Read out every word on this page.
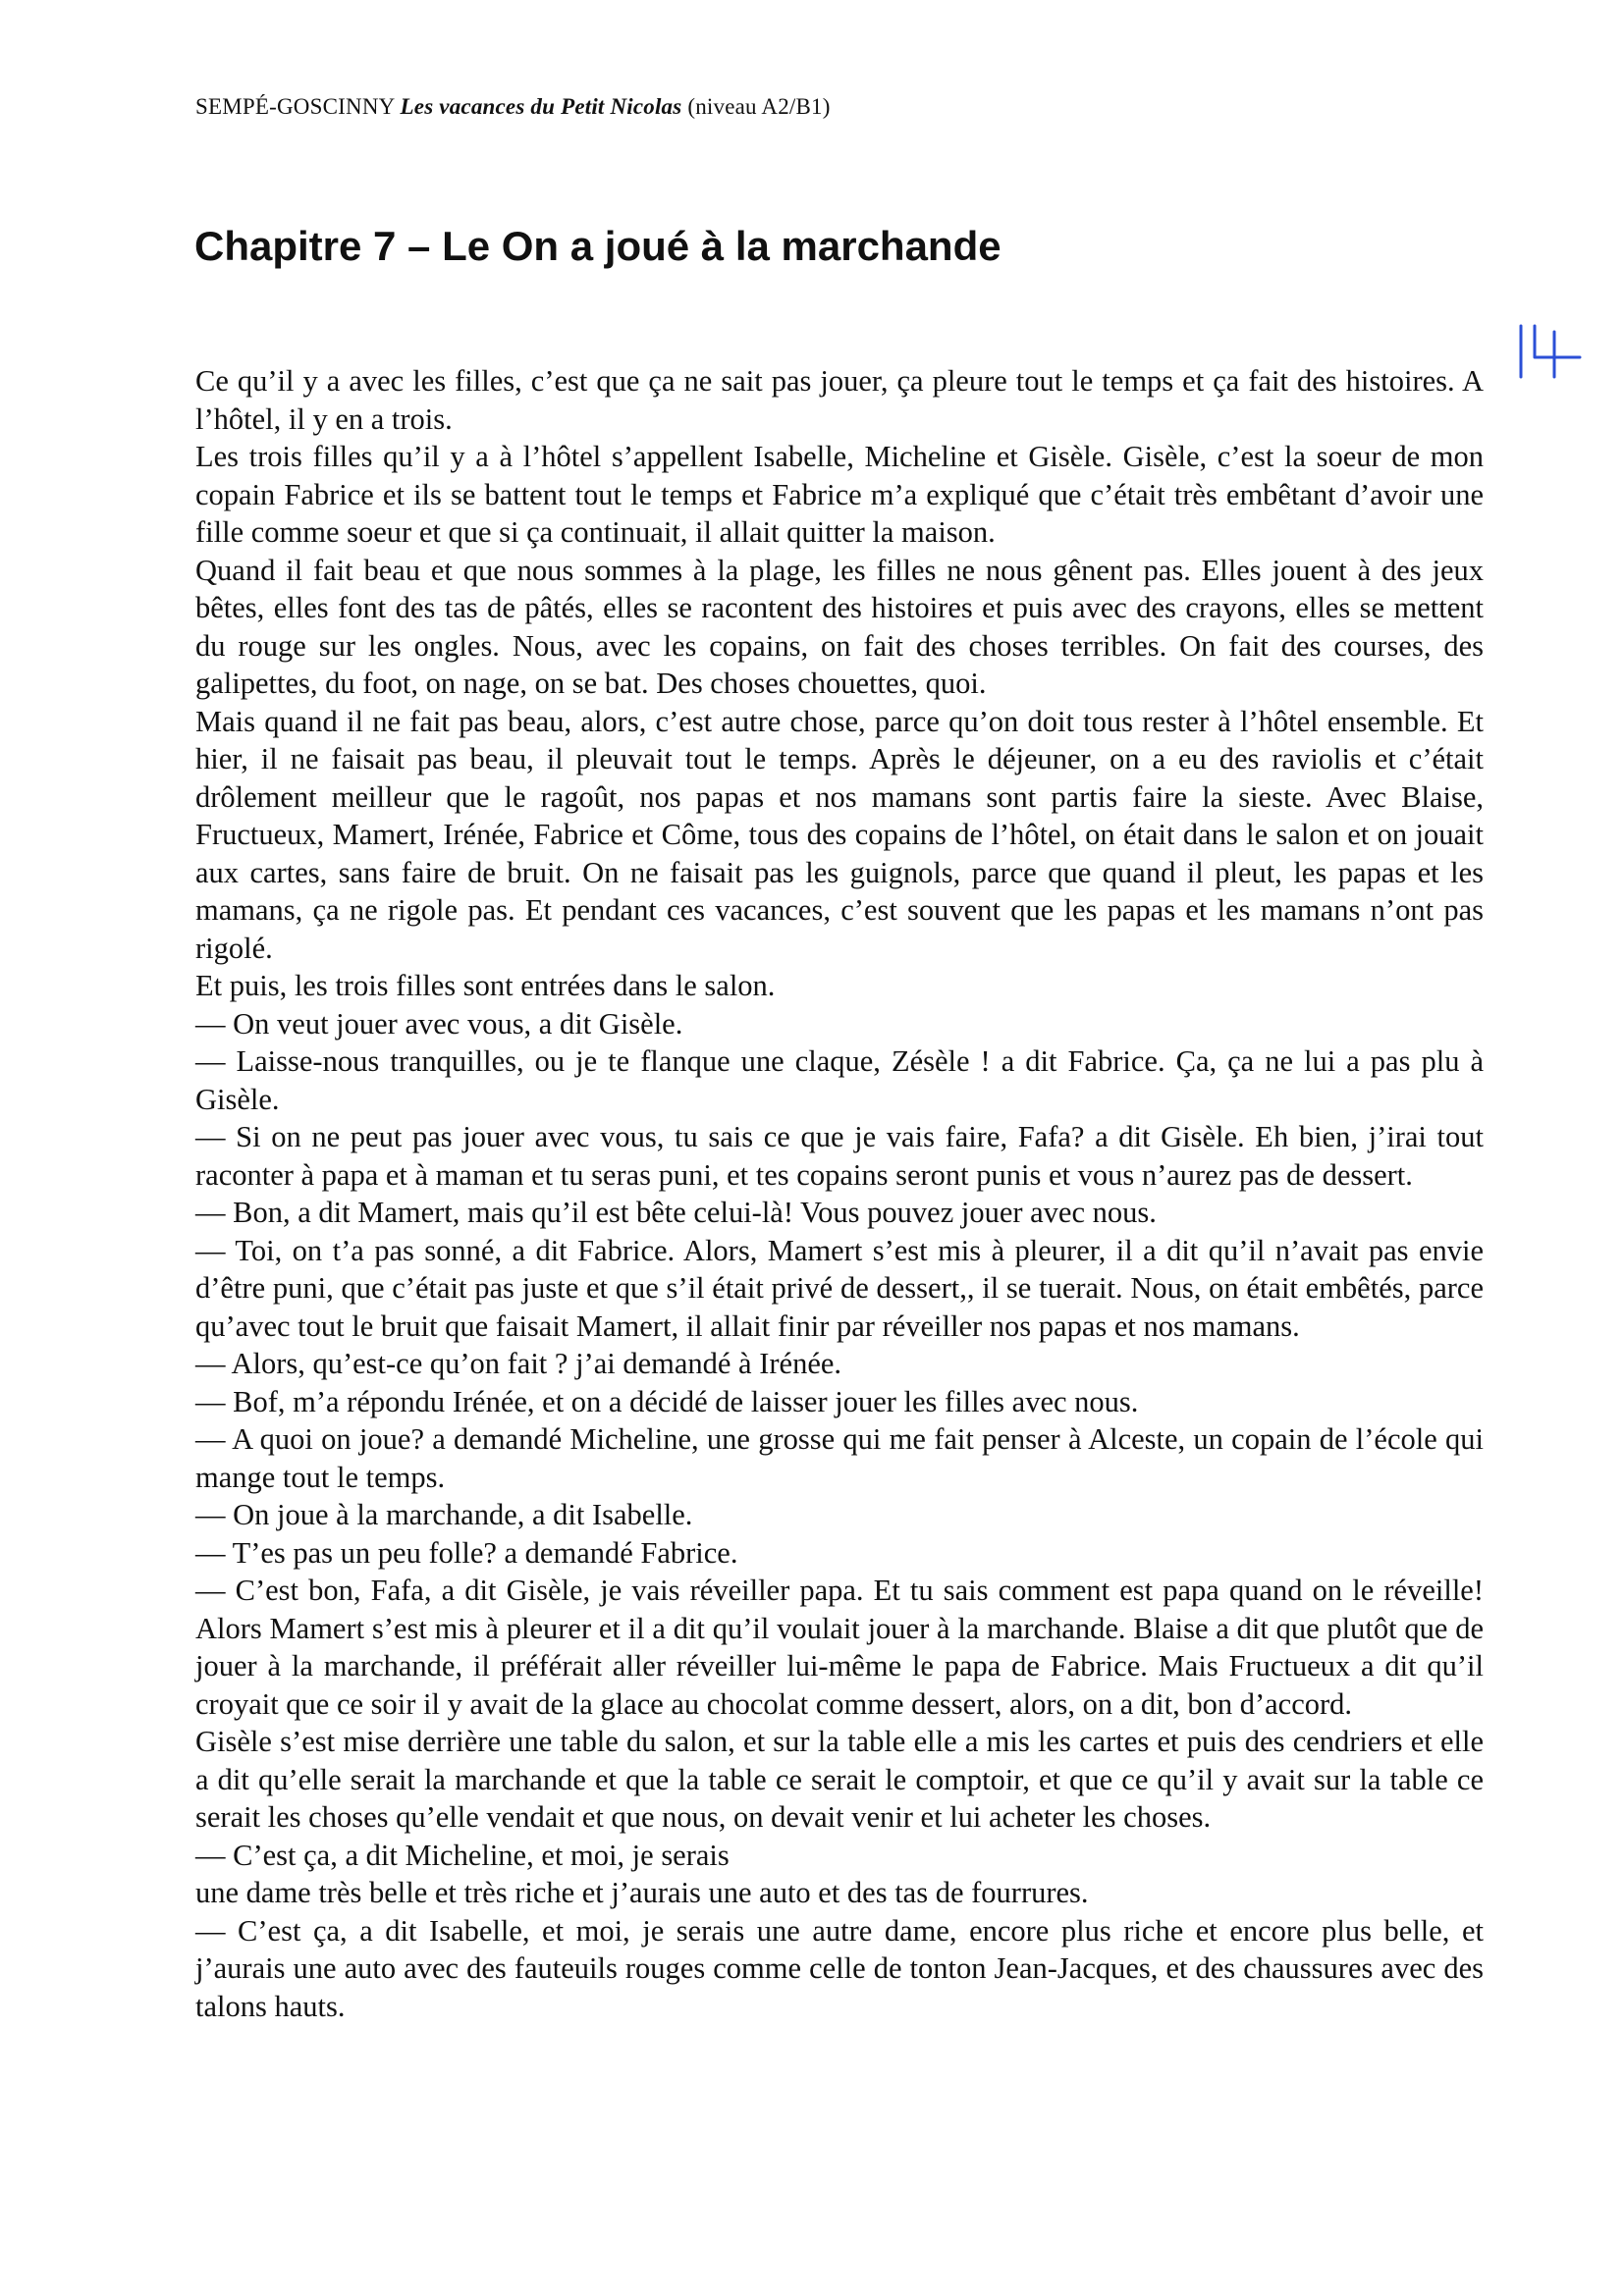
SEMPÉ-GOSCINNY Les vacances du Petit Nicolas (niveau A2/B1)
Chapitre 7 – Le On a joué à la marchande

Ce qu’il y a avec les filles, c’est que ça ne sait pas jouer, ça pleure tout le temps et ça fait des histoires. A l’hôtel, il y en a trois.

Les trois filles qu’il y a à l’hôtel s’appellent Isabelle, Micheline et Gisèle. Gisèle, c’est la soeur de mon copain Fabrice et ils se battent tout le temps et Fabrice m’a expliqué que c’était très embêtant d’avoir une fille comme soeur et que si ça continuait, il allait quitter la maison.

Quand il fait beau et que nous sommes à la plage, les filles ne nous gênent pas. Elles jouent à des jeux bêtes, elles font des tas de pâtés, elles se racontent des histoires et puis avec des crayons, elles se mettent du rouge sur les ongles. Nous, avec les copains, on fait des choses terribles. On fait des courses, des galipettes, du foot, on nage, on se bat. Des choses chouettes, quoi.

Mais quand il ne fait pas beau, alors, c’est autre chose, parce qu’on doit tous rester à l’hôtel ensemble. Et hier, il ne faisait pas beau, il pleuvait tout le temps. Après le déjeuner, on a eu des raviolis et c’était drôlement meilleur que le ragoût, nos papas et nos mamans sont partis faire la sieste. Avec Blaise, Fructueux, Mamert, Irénée, Fabrice et Côme, tous des copains de l’hôtel, on était dans le salon et on jouait aux cartes, sans faire de bruit. On ne faisait pas les guignols, parce que quand il pleut, les papas et les mamans, ça ne rigole pas. Et pendant ces vacances, c’est souvent que les papas et les mamans n’ont pas rigolé.

Et puis, les trois filles sont entrées dans le salon.

— On veut jouer avec vous, a dit Gisèle.

— Laisse-nous tranquilles, ou je te flanque une claque, Zésèle ! a dit Fabrice. Ça, ça ne lui a pas plu à Gisèle.

— Si on ne peut pas jouer avec vous, tu sais ce que je vais faire, Fafa? a dit Gisèle. Eh bien, j’irai tout raconter à papa et à maman et tu seras puni, et tes copains seront punis et vous n’aurez pas de dessert.

— Bon, a dit Mamert, mais qu’il est bête celui-là! Vous pouvez jouer avec nous.

— Toi, on t’a pas sonné, a dit Fabrice. Alors, Mamert s’est mis à pleurer, il a dit qu’il n’avait pas envie d’être puni, que c’était pas juste et que s’il était privé de dessert,, il se tuerait. Nous, on était embêtés, parce qu’avec tout le bruit que faisait Mamert, il allait finir par réveiller nos papas et nos mamans.

— Alors, qu’est-ce qu’on fait ? j’ai demandé à Irénée.

— Bof, m’a répondu Irénée, et on a décidé de laisser jouer les filles avec nous.

— A quoi on joue? a demandé Micheline, une grosse qui me fait penser à Alceste, un copain de l’école qui mange tout le temps.

— On joue à la marchande, a dit Isabelle.

— T’es pas un peu folle? a demandé Fabrice.

— C’est bon, Fafa, a dit Gisèle, je vais réveiller papa. Et tu sais comment est papa quand on le réveille! Alors Mamert s’est mis à pleurer et il a dit qu’il voulait jouer à la marchande. Blaise a dit que plutôt que de jouer à la marchande, il préférait aller réveiller lui-même le papa de Fabrice. Mais Fructueux a dit qu’il croyait que ce soir il y avait de la glace au chocolat comme dessert, alors, on a dit, bon d’accord.

Gisèle s’est mise derrière une table du salon, et sur la table elle a mis les cartes et puis des cendriers et elle a dit qu’elle serait la marchande et que la table ce serait le comptoir, et que ce qu’il y avait sur la table ce serait les choses qu’elle vendait et que nous, on devait venir et lui acheter les choses.

— C’est ça, a dit Micheline, et moi, je serais

une dame très belle et très riche et j’aurais une auto et des tas de fourrures.

— C’est ça, a dit Isabelle, et moi, je serais une autre dame, encore plus riche et encore plus belle, et j’aurais une auto avec des fauteuils rouges comme celle de tonton Jean-Jacques, et des chaussures avec des talons hauts.
